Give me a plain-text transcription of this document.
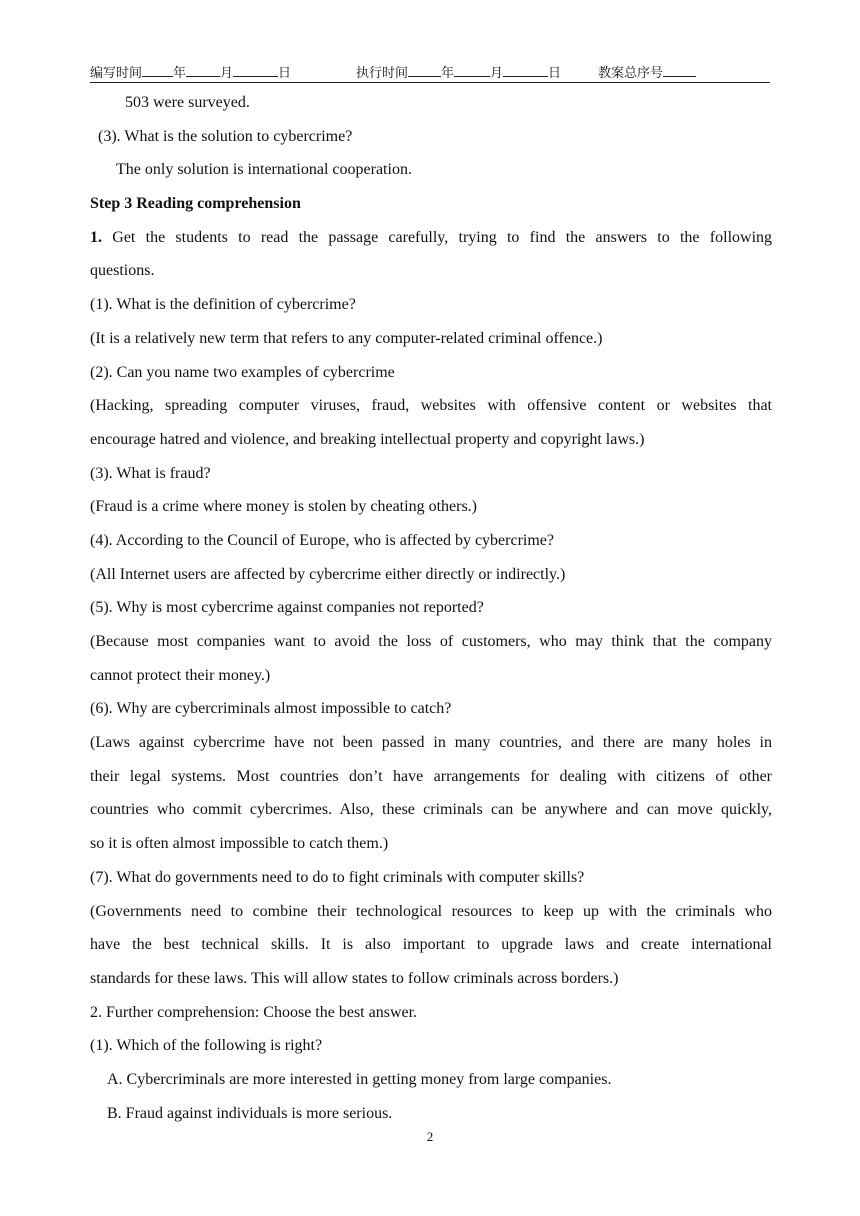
编写时间 年	月	日	执行时间	年	月	日	教案总序号
503 were surveyed.
(3). What is the solution to cybercrime?
The only solution is international cooperation.
Step 3 Reading comprehension
1. Get the students to read the passage carefully, trying to find the answers to the following
questions.
(1). What is the definition of cybercrime?
(It is a relatively new term that refers to any computer-related criminal offence.)
(2). Can you name two examples of cybercrime
(Hacking, spreading computer viruses, fraud, websites with offensive content or websites that
encourage hatred and violence, and breaking intellectual property and copyright laws.)
(3). What is fraud?
(Fraud is a crime where money is stolen by cheating others.)
(4). According to the Council of Europe, who is affected by cybercrime?
(All Internet users are affected by cybercrime either directly or indirectly.)
(5). Why is most cybercrime against companies not reported?
(Because most companies want to avoid the loss of customers, who may think that the company
cannot protect their money.)
(6). Why are cybercriminals almost impossible to catch?
(Laws against cybercrime have not been passed in many countries, and there are many holes in
their legal systems. Most countries don’t have arrangements for dealing with citizens of other
countries who commit cybercrimes. Also, these criminals can be anywhere and can move quickly,
so it is often almost impossible to catch them.)
(7). What do governments need to do to fight criminals with computer skills?
(Governments need to combine their technological resources to keep up with the criminals who
have the best technical skills. It is also important to upgrade laws and create international
standards for these laws. This will allow states to follow criminals across borders.)
2. Further comprehension: Choose the best answer.
(1). Which of the following is right?
A. Cybercriminals are more interested in getting money from large companies.
B. Fraud against individuals is more serious.
2
